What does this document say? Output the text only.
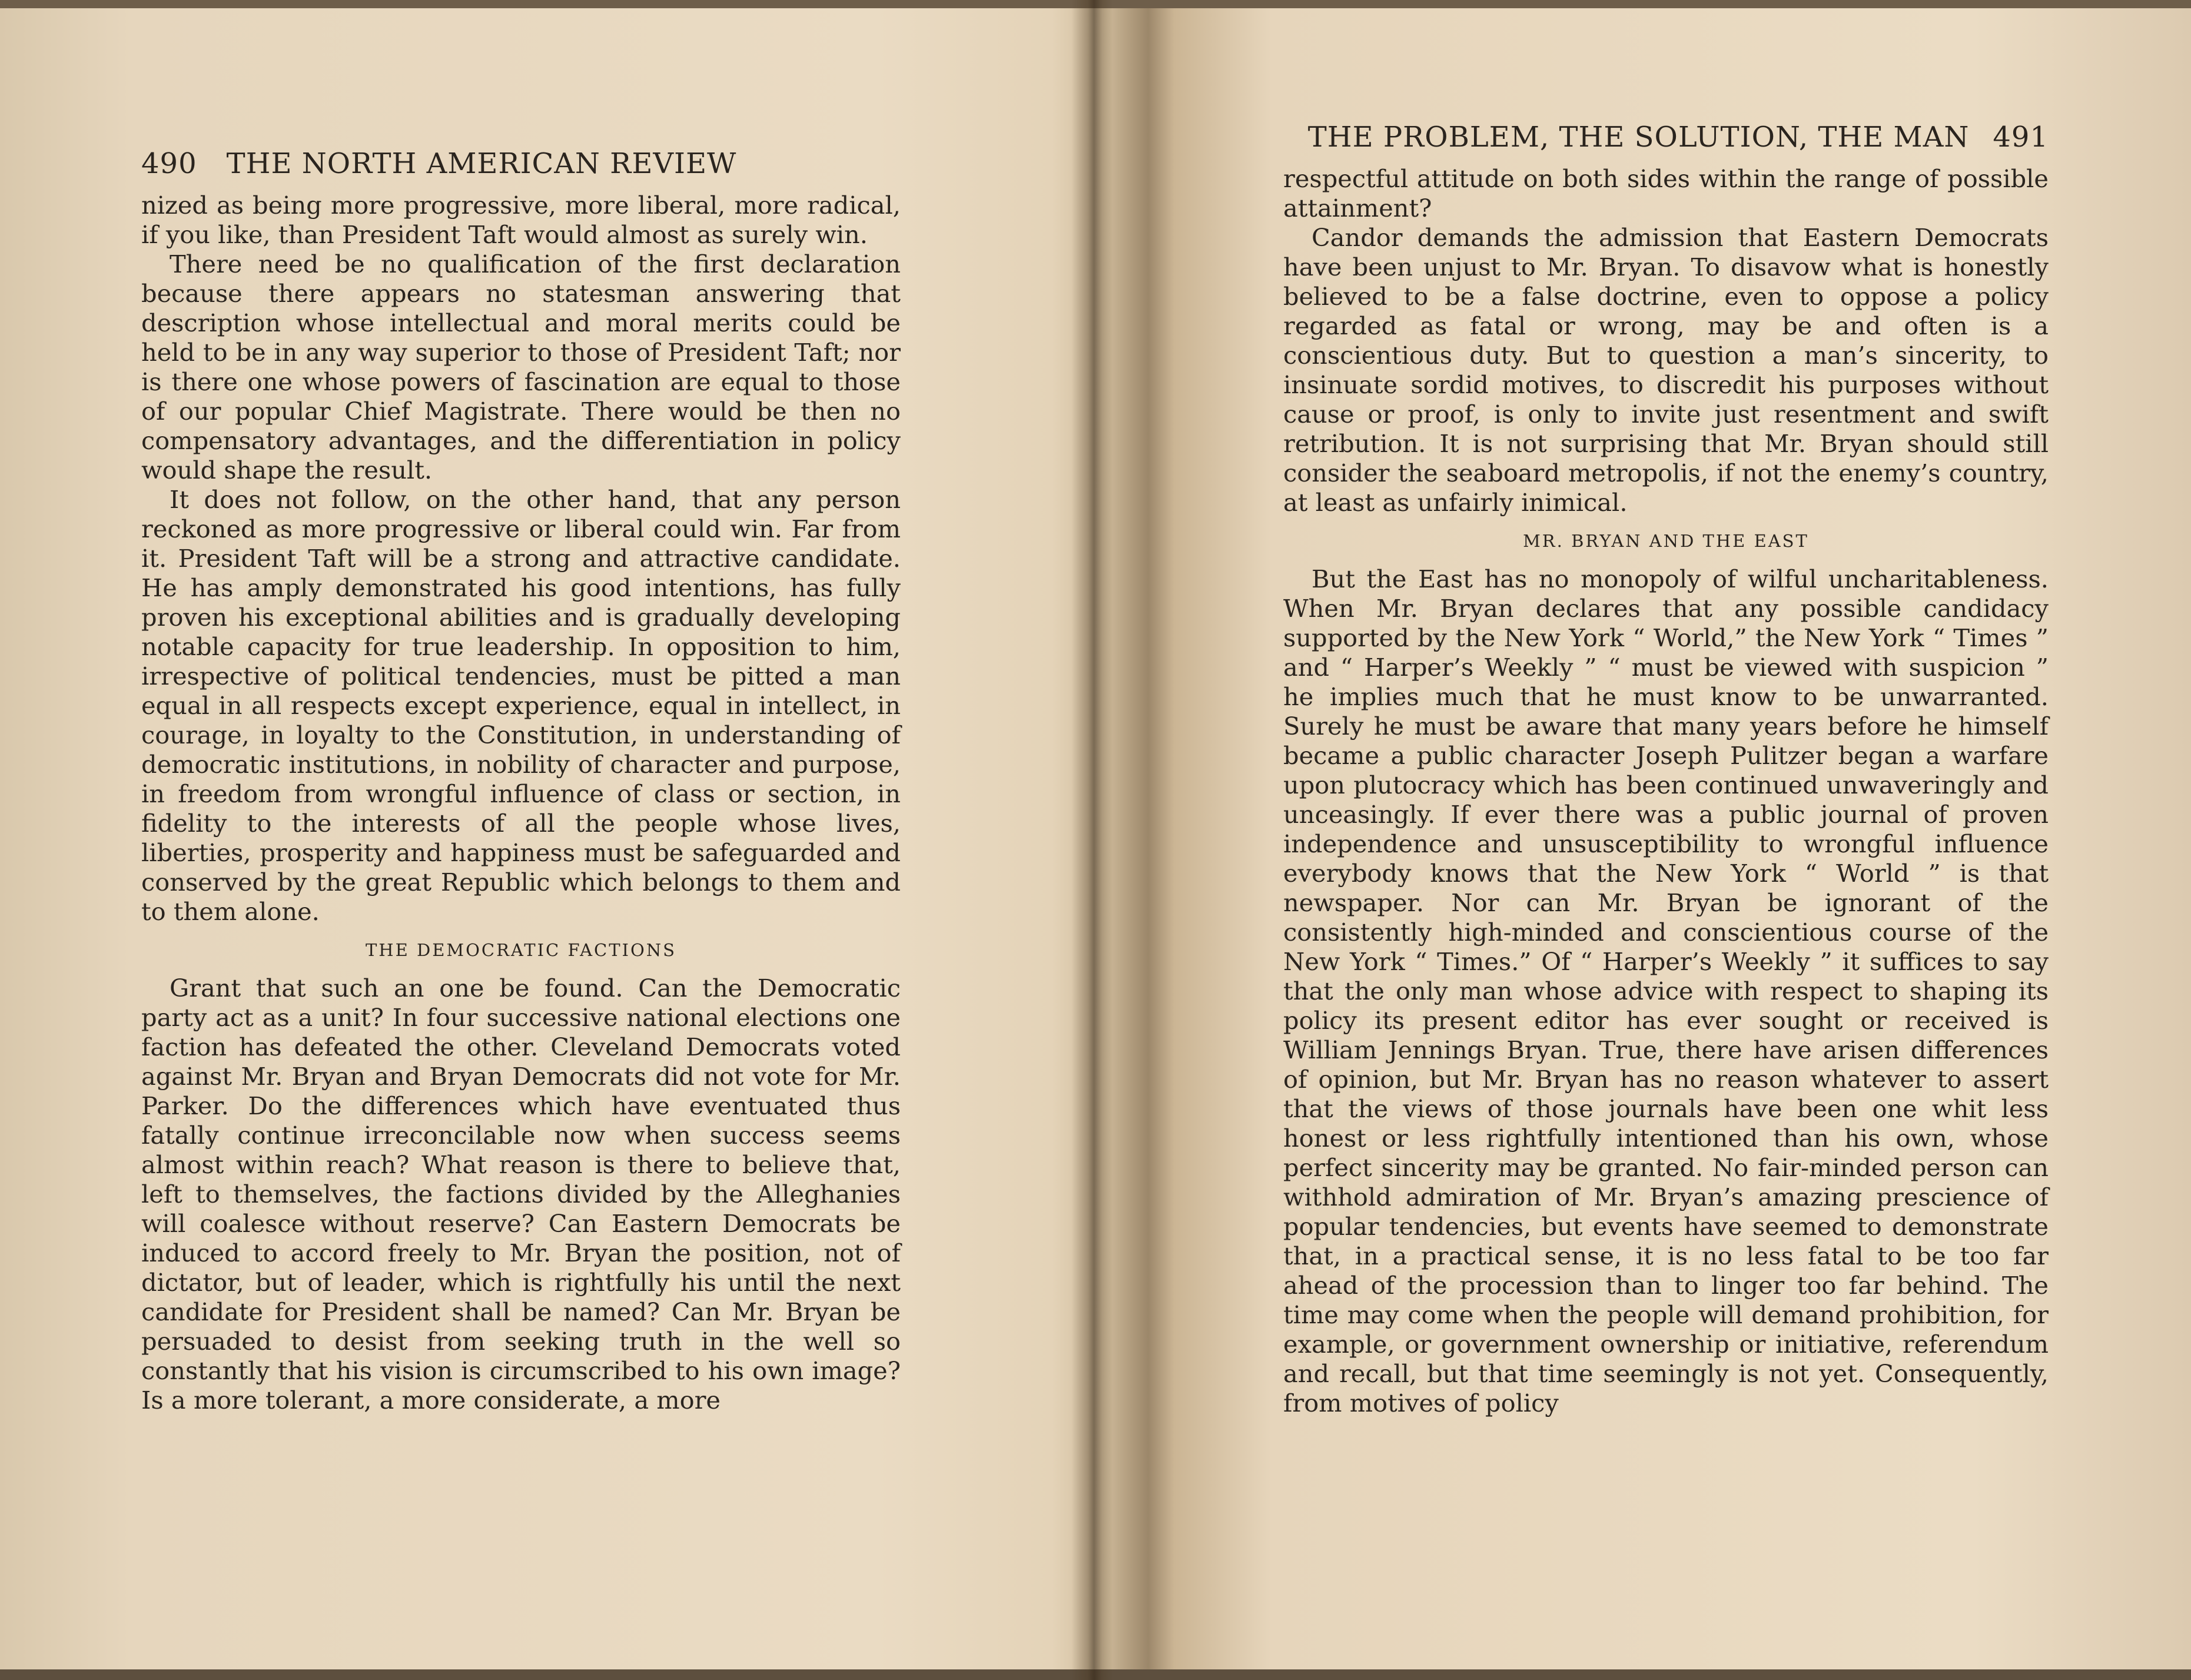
490 THE NORTH AMERICAN REVIEW

nized as being more progressive, more liberal, more radical, if you like, than President Taft would almost as surely win.

There need be no qualification of the first declaration because there appears no statesman answering that description whose intellectual and moral merits could be held to be in any way superior to those of President Taft; nor is there one whose powers of fascination are equal to those of our popular Chief Magistrate. There would be then no compensatory advantages, and the differentiation in policy would shape the result.

It does not follow, on the other hand, that any person reckoned as more progressive or liberal could win. Far from it. President Taft will be a strong and attractive candidate. He has amply demonstrated his good intentions, has fully proven his exceptional abilities and is gradually developing notable capacity for true leadership. In opposition to him, irrespective of political tendencies, must be pitted a man equal in all respects except experience, equal in intellect, in courage, in loyalty to the Constitution, in understanding of democratic institutions, in nobility of character and purpose, in freedom from wrongful influence of class or section, in fidelity to the interests of all the people whose lives, liberties, prosperity and happiness must be safeguarded and conserved by the great Republic which belongs to them and to them alone.

THE DEMOCRATIC FACTIONS

Grant that such an one be found. Can the Democratic party act as a unit? In four successive national elections one faction has defeated the other. Cleveland Democrats voted against Mr. Bryan and Bryan Democrats did not vote for Mr. Parker. Do the differences which have eventuated thus fatally continue irreconcilable now when success seems almost within reach? What reason is there to believe that, left to themselves, the factions divided by the Alleghanies will coalesce without reserve? Can Eastern Democrats be induced to accord freely to Mr. Bryan the position, not of dictator, but of leader, which is rightfully his until the next candidate for President shall be named? Can Mr. Bryan be persuaded to desist from seeking truth in the well so constantly that his vision is circumscribed to his own image? Is a more tolerant, a more considerate, a more

THE PROBLEM, THE SOLUTION, THE MAN 491

respectful attitude on both sides within the range of possible attainment?

Candor demands the admission that Eastern Democrats have been unjust to Mr. Bryan. To disavow what is honestly believed to be a false doctrine, even to oppose a policy regarded as fatal or wrong, may be and often is a conscientious duty. But to question a man’s sincerity, to insinuate sordid motives, to discredit his purposes without cause or proof, is only to invite just resentment and swift retribution. It is not surprising that Mr. Bryan should still consider the seaboard metropolis, if not the enemy’s country, at least as unfairly inimical.

MR. BRYAN AND THE EAST

But the East has no monopoly of wilful uncharitableness. When Mr. Bryan declares that any possible candidacy supported by the New York “ World,” the New York “ Times ” and “ Harper’s Weekly ” “ must be viewed with suspicion ” he implies much that he must know to be unwarranted. Surely he must be aware that many years before he himself became a public character Joseph Pulitzer began a warfare upon plutocracy which has been continued unwaveringly and unceasingly. If ever there was a public journal of proven independence and unsusceptibility to wrongful influence everybody knows that the New York “ World ” is that newspaper. Nor can Mr. Bryan be ignorant of the consistently high-minded and conscientious course of the New York “ Times.” Of “ Harper’s Weekly ” it suffices to say that the only man whose advice with respect to shaping its policy its present editor has ever sought or received is William Jennings Bryan. True, there have arisen differences of opinion, but Mr. Bryan has no reason whatever to assert that the views of those journals have been one whit less honest or less rightfully intentioned than his own, whose perfect sincerity may be granted. No fair-minded person can withhold admiration of Mr. Bryan’s amazing prescience of popular tendencies, but events have seemed to demonstrate that, in a practical sense, it is no less fatal to be too far ahead of the procession than to linger too far behind. The time may come when the people will demand prohibition, for example, or government ownership or initiative, referendum and recall, but that time seemingly is not yet. Consequently, from motives of policy
